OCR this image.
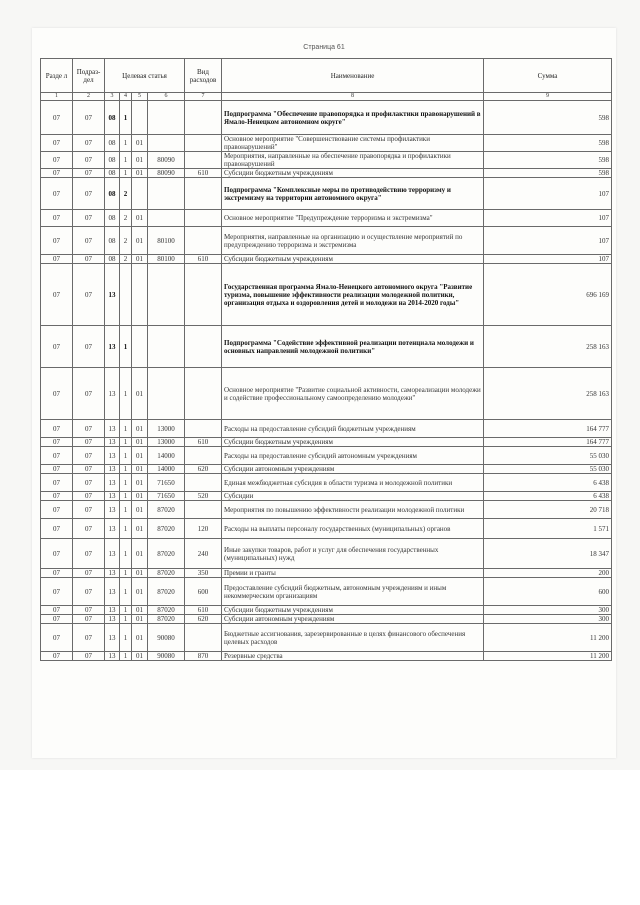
Страница 61
Разде л	Подраз- дел	Целевая статья				Вид расходов	Наименование	Сумма
1	2	3	4	5	6	7	8	9
07	07	08	1				Подпрограмма "Обеспечение правопорядка и профилактики правонарушений в Ямало-Ненецком автономном округе"	598
07	07	08	1	01			Основное мероприятие "Совершенствование системы профилактики правонарушений"	598
07	07	08	1	01	80090		Мероприятия, направленные на обеспечение правопорядка и профилактики правонарушений	598
07	07	08	1	01	80090	610	Субсидии бюджетным учреждениям	598
07	07	08	2				Подпрограмма "Комплексные меры по противодействию терроризму и экстремизму на территории автономного округа"	107
07	07	08	2	01			Основное мероприятие "Предупреждение терроризма и экстремизма"	107
07	07	08	2	01	80100		Мероприятия, направленные на организацию и осуществление мероприятий по предупреждению терроризма и экстремизма	107
07	07	08	2	01	80100	610	Субсидии бюджетным учреждениям	107
07	07	13					Государственная программа Ямало-Ненецкого автономного округа "Развитие туризма, повышение эффективности реализации молодежной политики, организация отдыха и оздоровления детей и молодежи на 2014-2020 годы"	696 169
07	07	13	1				Подпрограмма "Содействие эффективной реализации потенциала молодежи и основных направлений молодежной политики"	258 163
07	07	13	1	01			Основное мероприятие "Развитие социальной активности, самореализации молодежи и содействие профессиональному самоопределению молодежи"	258 163
07	07	13	1	01	13000		Расходы на предоставление субсидий бюджетным учреждениям	164 777
07	07	13	1	01	13000	610	Субсидии бюджетным учреждениям	164 777
07	07	13	1	01	14000		Расходы на предоставление субсидий автономным учреждениям	55 030
07	07	13	1	01	14000	620	Субсидии автономным учреждениям	55 030
07	07	13	1	01	71650		Единая межбюджетная субсидия в области туризма и молодежной политики	6 438
07	07	13	1	01	71650	520	Субсидии	6 438
07	07	13	1	01	87020		Мероприятия по повышению эффективности реализации молодежной политики	20 718
07	07	13	1	01	87020	120	Расходы на выплаты персоналу государственных (муниципальных) органов	1 571
07	07	13	1	01	87020	240	Иные закупки товаров, работ и услуг для обеспечения государственных (муниципальных) нужд	18 347
07	07	13	1	01	87020	350	Премии и гранты	200
07	07	13	1	01	87020	600	Предоставление субсидий бюджетным, автономным учреждениям и иным некоммерческим организациям	600
07	07	13	1	01	87020	610	Субсидии бюджетным учреждениям	300
07	07	13	1	01	87020	620	Субсидии автономным учреждениям	300
07	07	13	1	01	90080		Бюджетные ассигнования, зарезервированные в целях финансового обеспечения целевых расходов	11 200
07	07	13	1	01	90080	870	Резервные средства	11 200
